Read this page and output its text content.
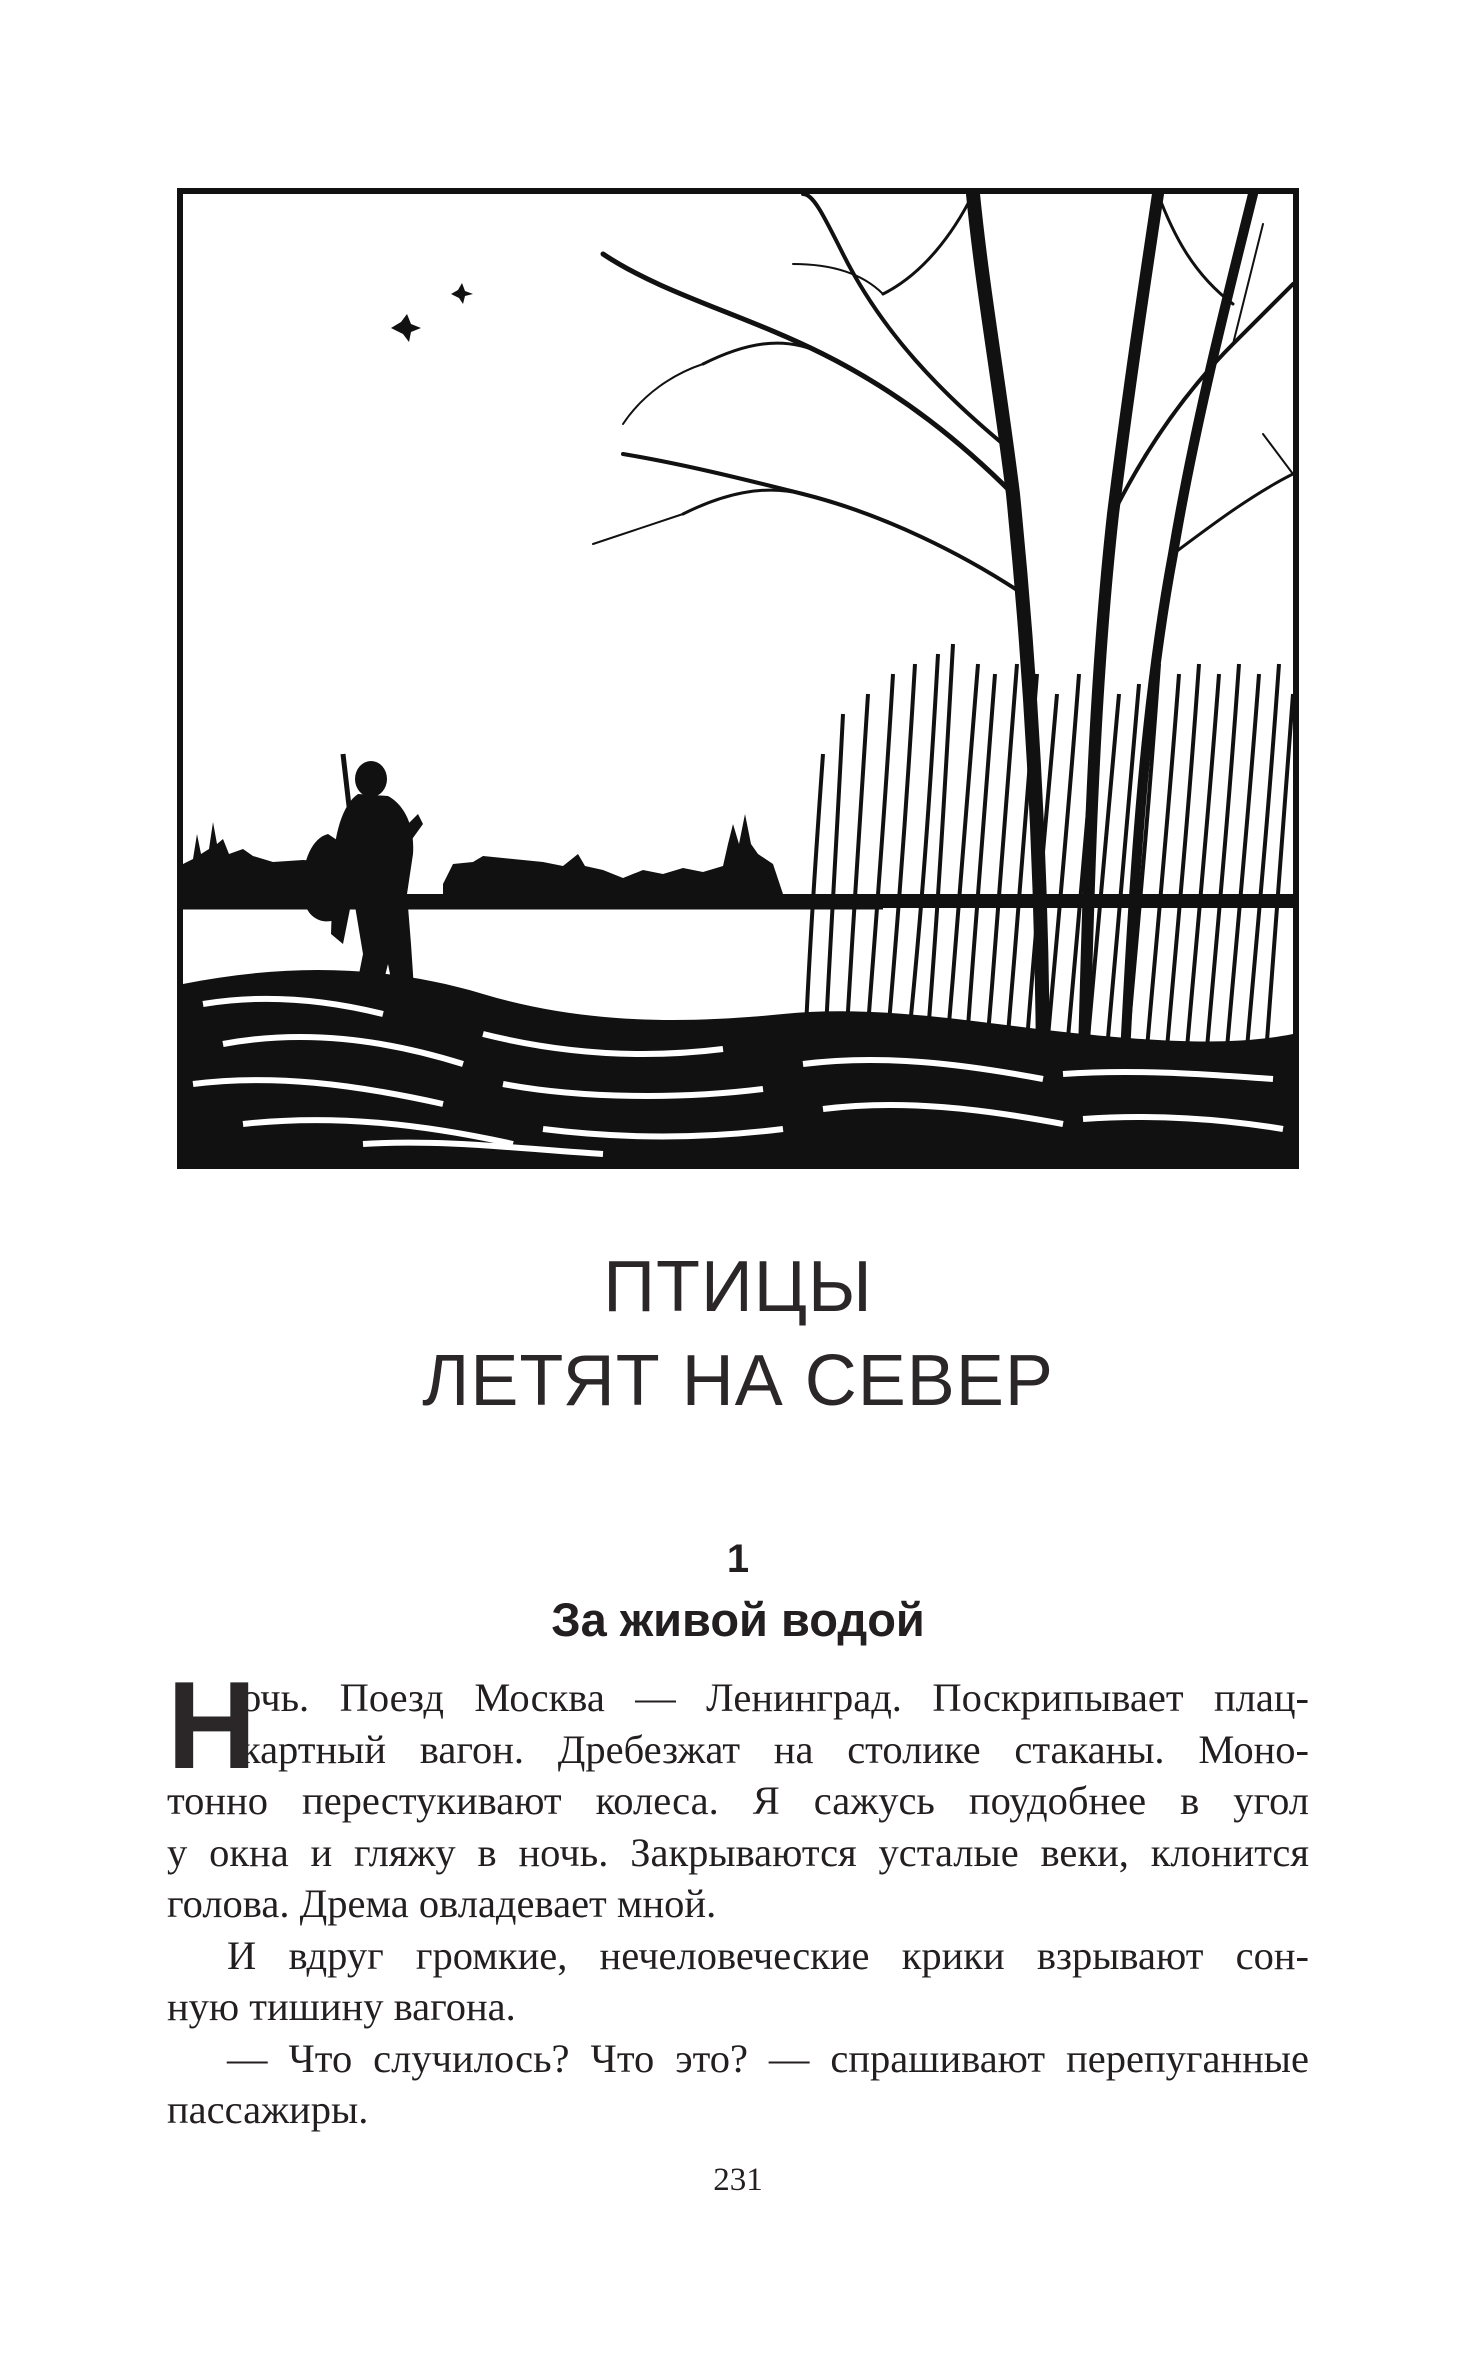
ПТИЦЫ
ЛЕТЯТ НА СЕВЕР
1
За живой водой
Н
очь. Поезд Москва — Ленинград. Поскрипывает плац-
картный вагон. Дребезжат на столике стаканы. Моно-
тонно перестукивают колеса. Я сажусь поудобнее в угол
у окна и гляжу в ночь. Закрываются усталые веки, клонится
голова. Дрема овладевает мной.
И вдруг громкие, нечеловеческие крики взрывают сон-
ную тишину вагона.
— Что случилось? Что это? — спрашивают перепуганные
пассажиры.
231
